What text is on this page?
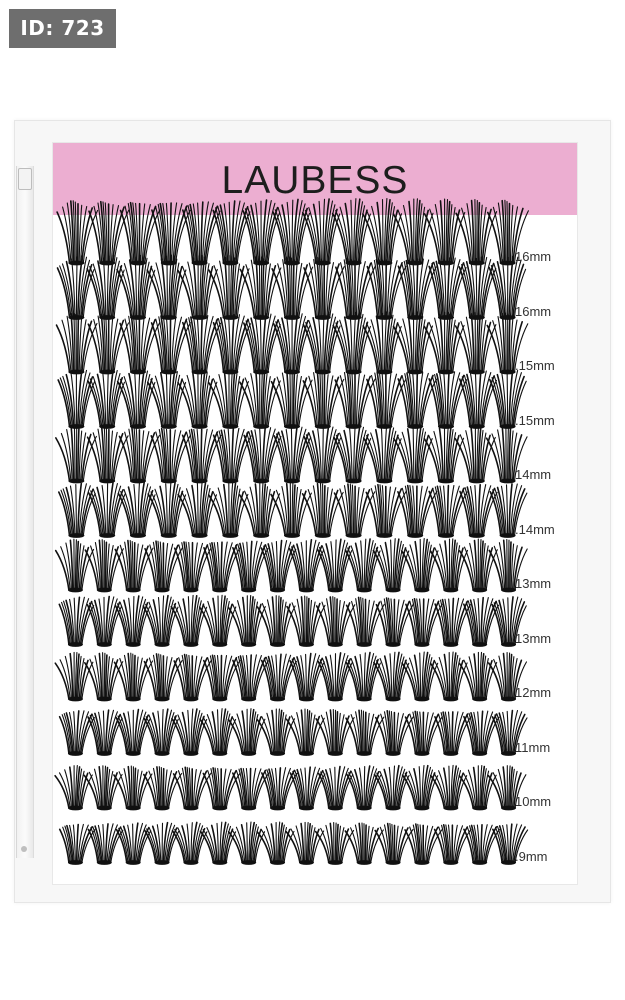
ID: 723
LAUBESS
16mm
16mm
.15mm
.15mm
14mm
.14mm
13mm
13mm
12mm
11mm
10mm
.9mm
